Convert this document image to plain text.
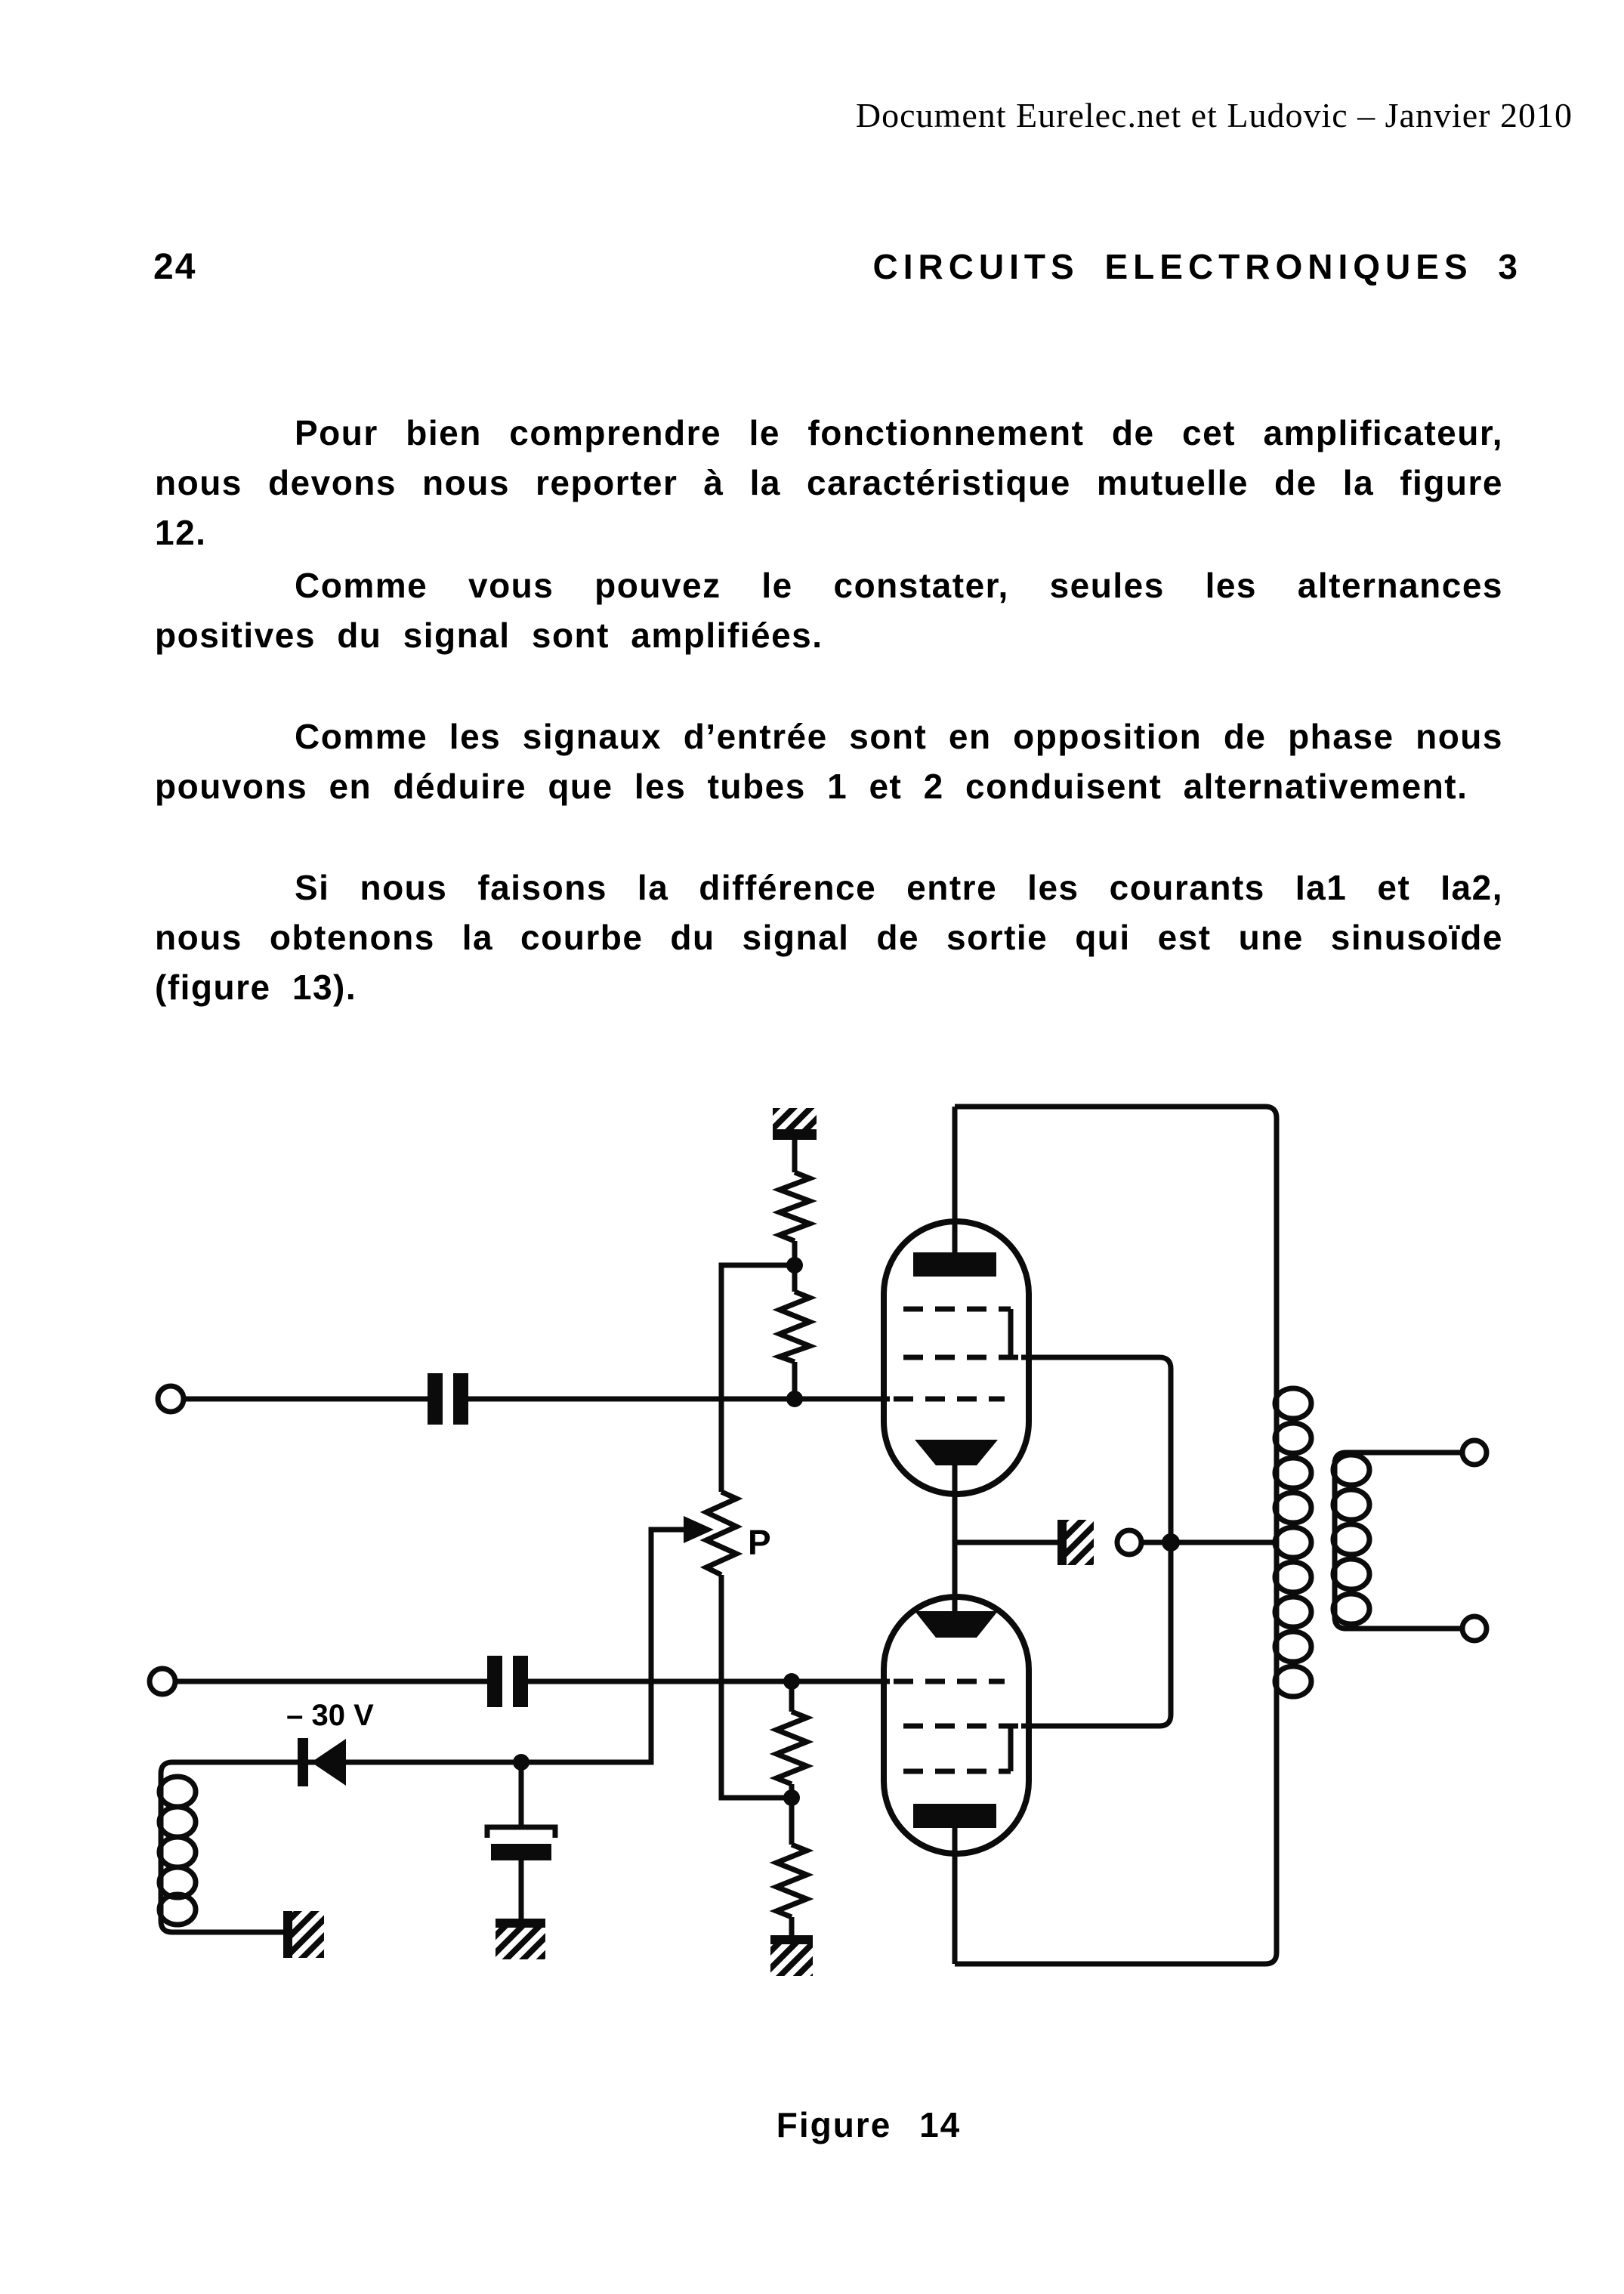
Document Eurelec.net et Ludovic – Janvier 2010
24	CIRCUITS ELECTRONIQUES 3

Pour bien comprendre le fonctionnement de cet amplificateur, nous devons nous reporter à la caractéristique mutuelle de la figure 12.

Comme vous pouvez le constater, seules les alternances positives du signal sont amplifiées.

Comme les signaux d’entrée sont en opposition de phase nous pouvons en déduire que les tubes 1 et 2 conduisent alternativement.

Si nous faisons la différence entre les courants Ia1 et Ia2, nous obtenons la courbe du signal de sortie qui est une sinusoïde (figure 13).

P
– 30 V
Figure 14
